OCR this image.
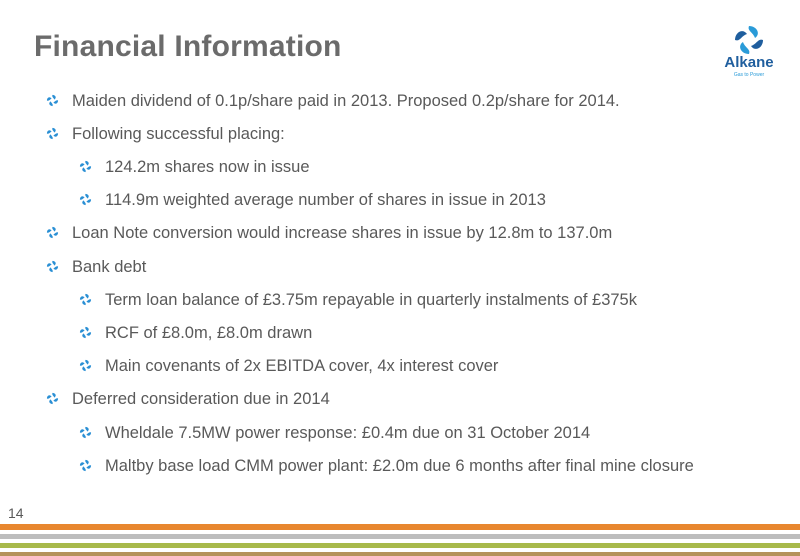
Financial Information	Alkane
Gas to Power
Maiden dividend of 0.1p/share paid in 2013. Proposed 0.2p/share for 2014.
Following successful placing:
124.2m shares now in issue
114.9m weighted average number of shares in issue in 2013
Loan Note conversion would increase shares in issue by 12.8m to 137.0m
Bank debt
Term loan balance of £3.75m repayable in quarterly instalments of £375k
RCF of £8.0m, £8.0m drawn
Main covenants of 2x EBITDA cover, 4x interest cover
Deferred consideration due in 2014
Wheldale 7.5MW power response: £0.4m due on 31 October 2014
Maltby base load CMM power plant: £2.0m due 6 months after final mine closure
14
